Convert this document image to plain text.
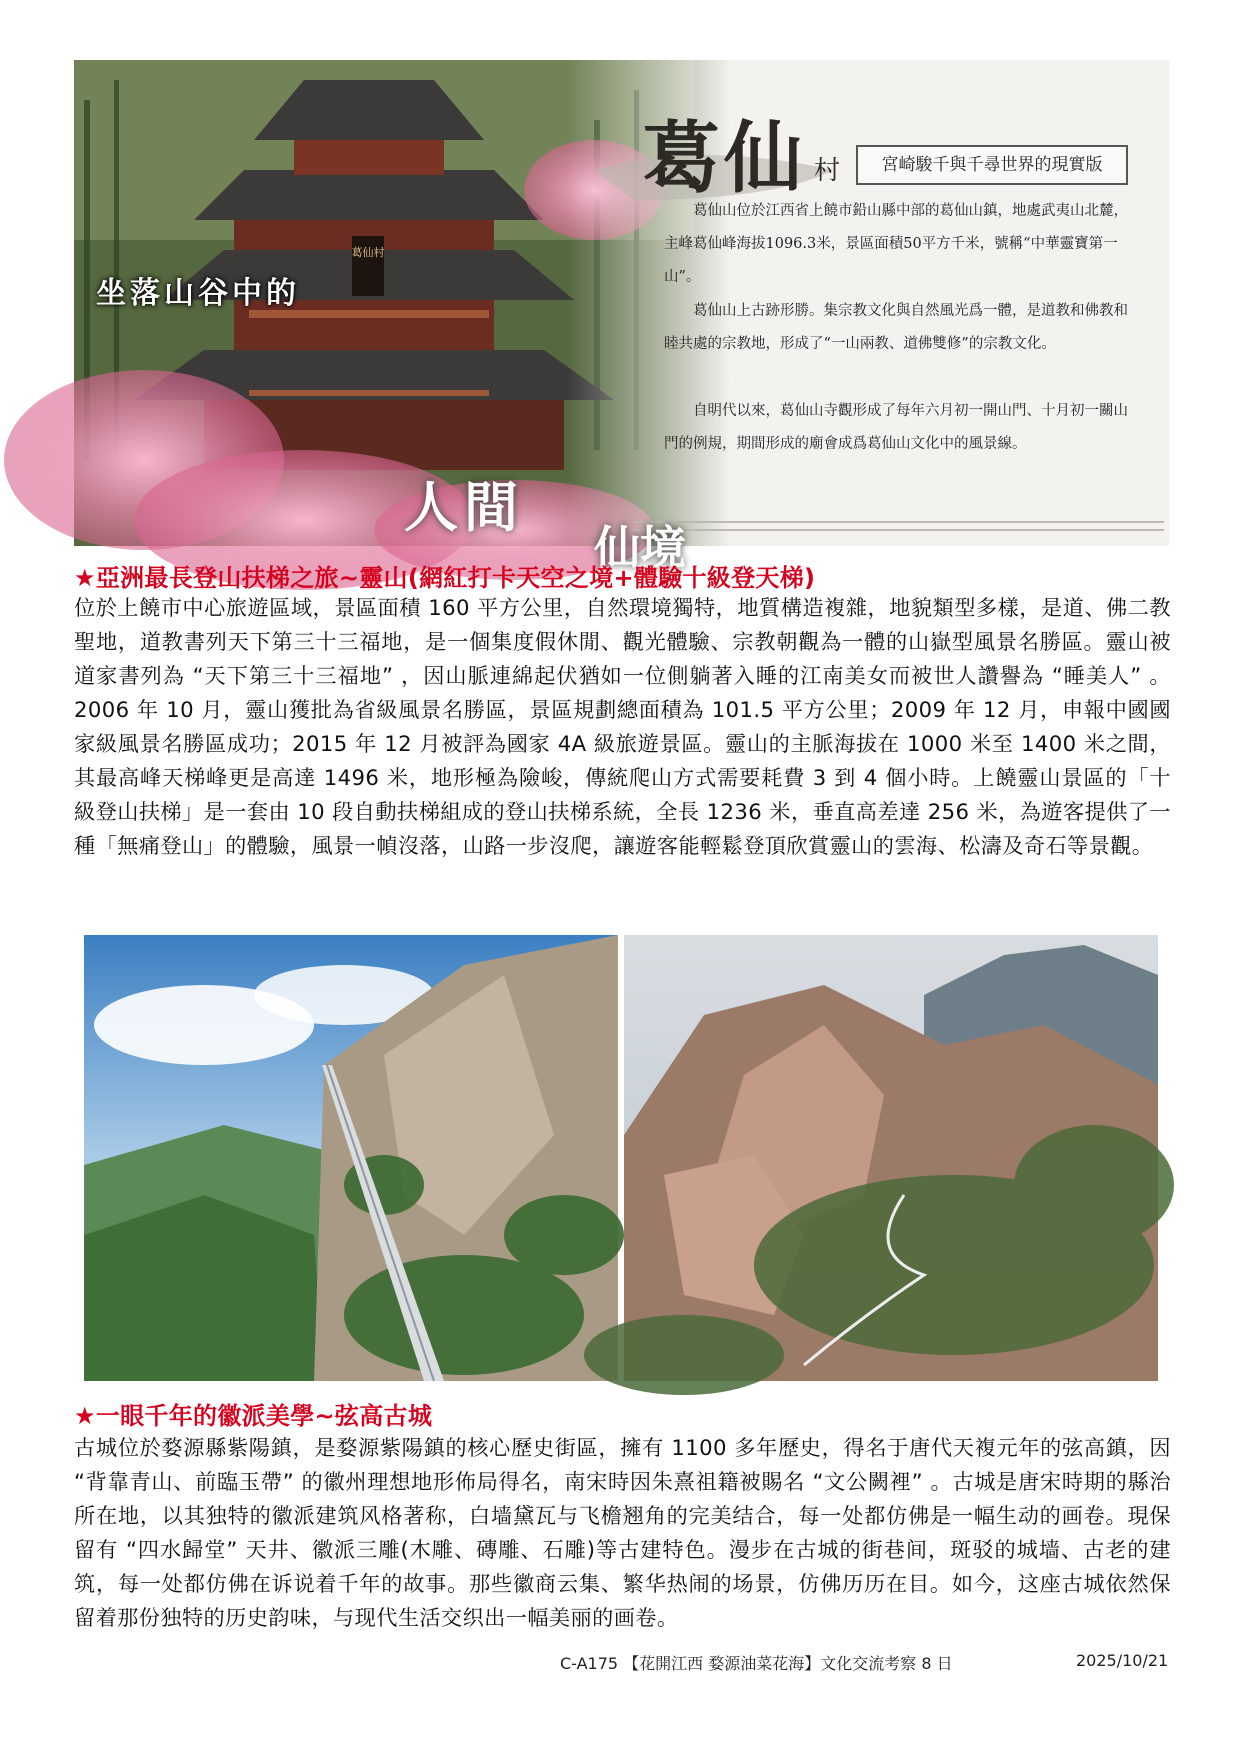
葛仙村
葛仙 村	宮崎駿千與千尋世界的現實版

葛仙山位於江西省上饒市鉛山縣中部的葛仙山鎮，地處武夷山北麓，主峰葛仙峰海拔1096.3米，景區面積50平方千米，號稱“中華靈寶第一山”。

葛仙山上古跡形勝。集宗教文化與自然風光爲一體，是道教和佛教和睦共處的宗教地，形成了“一山兩教、道佛雙修”的宗教文化。

自明代以來，葛仙山寺觀形成了每年六月初一開山門、十月初一關山門的例規，期間形成的廟會成爲葛仙山文化中的風景線。

坐落山谷中的
人間
仙境
★亞洲最長登山扶梯之旅~靈山(網紅打卡天空之境+體驗十級登天梯)

位於上饒市中心旅遊區域，景區面積 160 平方公里，自然環境獨特，地質構造複雜，地貌類型多樣，是道、佛二教聖地，道教書列天下第三十三福地，是一個集度假休閒、觀光體驗、宗教朝觀為一體的山嶽型風景名勝區。靈山被道家書列為 “天下第三十三福地” ，因山脈連綿起伏猶如一位側躺著入睡的江南美女而被世人讚譽為 “睡美人” 。2006 年 10 月，靈山獲批為省級風景名勝區，景區規劃總面積為 101.5 平方公里；2009 年 12 月，申報中國國家級風景名勝區成功；2015 年 12 月被評為國家 4A 級旅遊景區。靈山的主脈海拔在 1000 米至 1400 米之間，其最高峰天梯峰更是高達 1496 米，地形極為險峻，傳統爬山方式需要耗費 3 到 4 個小時。上饒靈山景區的「十級登山扶梯」是一套由 10 段自動扶梯組成的登山扶梯系統，全長 1236 米，垂直高差達 256 米，為遊客提供了一種「無痛登山」的體驗，風景一幀沒落，山路一步沒爬，讓遊客能輕鬆登頂欣賞靈山的雲海、松濤及奇石等景觀。

★一眼千年的徽派美學~弦高古城

古城位於婺源縣紫陽鎮，是婺源紫陽鎮的核心歷史街區，擁有 1100 多年歷史，得名于唐代天複元年的弦高鎮，因 “背靠青山、前臨玉帶” 的徽州理想地形佈局得名，南宋時因朱熹祖籍被賜名 “文公闕裡” 。古城是唐宋時期的縣治所在地，以其独特的徽派建筑风格著称，白墙黛瓦与飞檐翘角的完美结合，每一处都仿佛是一幅生动的画卷。現保留有 “四水歸堂” 天井、徽派三雕(木雕、磚雕、石雕)等古建特色。漫步在古城的街巷间，斑驳的城墙、古老的建筑，每一处都仿佛在诉说着千年的故事。那些徽商云集、繁华热闹的场景，仿佛历历在目。如今，这座古城依然保留着那份独特的历史韵味，与现代生活交织出一幅美丽的画卷。

C-A175 【花開江西 婺源油菜花海】文化交流考察 8 日	2025/10/21
